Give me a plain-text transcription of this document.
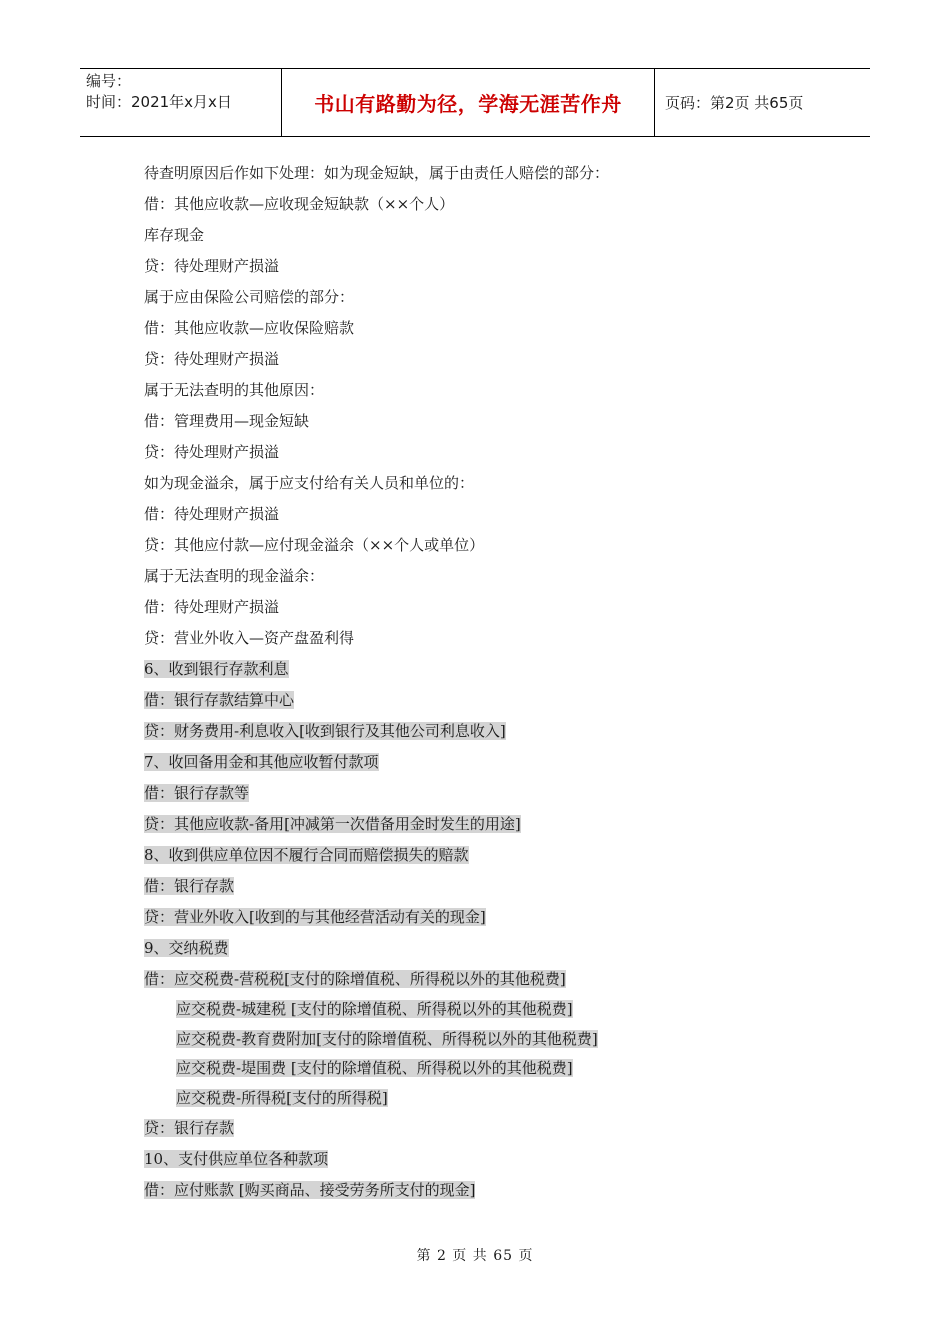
编号：
时间：2021年x月x日	书山有路勤为径，学海无涯苦作舟	页码：第2页 共65页
待查明原因后作如下处理：如为现金短缺，属于由责任人赔偿的部分：
借：其他应收款—应收现金短缺款（××个人）
库存现金
贷：待处理财产损溢
属于应由保险公司赔偿的部分：
借：其他应收款—应收保险赔款
贷：待处理财产损溢
属于无法查明的其他原因：
借：管理费用—现金短缺
贷：待处理财产损溢
如为现金溢余，属于应支付给有关人员和单位的：
借：待处理财产损溢
贷：其他应付款—应付现金溢余（××个人或单位）
属于无法查明的现金溢余：
借：待处理财产损溢
贷：营业外收入—资产盘盈利得
6、收到银行存款利息
借：银行存款结算中心
贷：财务费用-利息收入[收到银行及其他公司利息收入]
7、收回备用金和其他应收暂付款项
借：银行存款等
贷：其他应收款-备用[冲减第一次借备用金时发生的用途]
8、收到供应单位因不履行合同而赔偿损失的赔款
借：银行存款
贷：营业外收入[收到的与其他经营活动有关的现金]
9、交纳税费
借：应交税费-营税税[支付的除增值税、所得税以外的其他税费]
应交税费-城建税 [支付的除增值税、所得税以外的其他税费]
应交税费-教育费附加[支付的除增值税、所得税以外的其他税费]
应交税费-堤围费 [支付的除增值税、所得税以外的其他税费]
应交税费-所得税[支付的所得税]
贷：银行存款
10、支付供应单位各种款项
借：应付账款 [购买商品、接受劳务所支付的现金]
第 2 页 共 65 页
